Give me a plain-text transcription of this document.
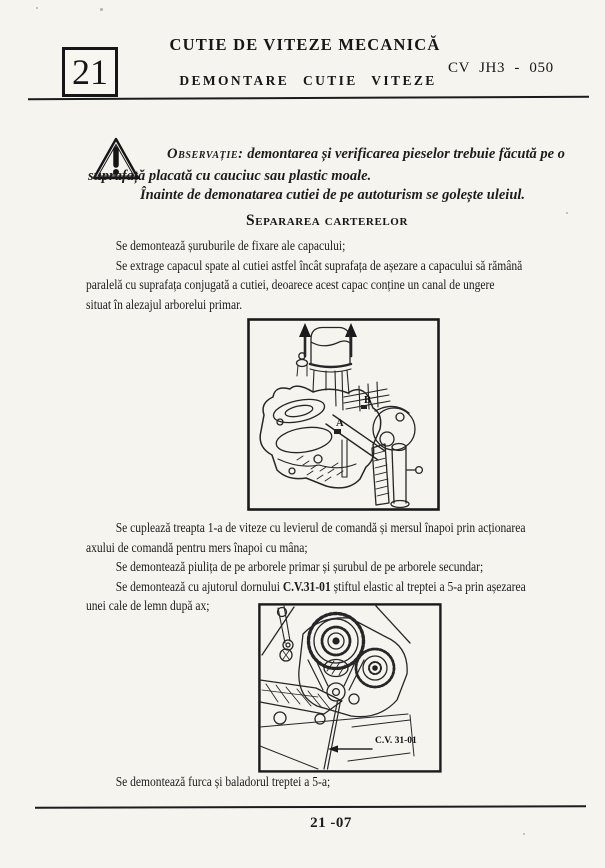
21
CUTIE DE VITEZE MECANICĂ
DEMONTARE CUTIE VITEZE
CV JH3 - 050
Observație: demontarea și verificarea pieselor trebuie făcută pe o
suprafață placată cu cauciuc sau plastic moale.
Înainte de demonatarea cutiei de pe autoturism se golește uleiul.
Separarea carterelor
Se demontează șuruburile de fixare ale capacului;
Se extrage capacul spate al cutiei astfel încât suprafața de așezare a capacului să rămână
paralelă cu suprafața conjugată a cutiei, deoarece acest capac conține un canal de ungere
situat în alezajul arborelui primar.
A
B
Se cuplează treapta 1-a de viteze cu levierul de comandă și mersul înapoi prin acționarea
axului de comandă pentru mers înapoi cu mâna;
Se demontează piulița de pe arborele primar și șurubul de pe arborele secundar;
Se demontează cu ajutorul dornului C.V.31-01 știftul elastic al treptei a 5-a prin așezarea
unei cale de lemn după ax;
C.V. 31-01
Se demontează furca și baladorul treptei a 5-a;
21 -07
